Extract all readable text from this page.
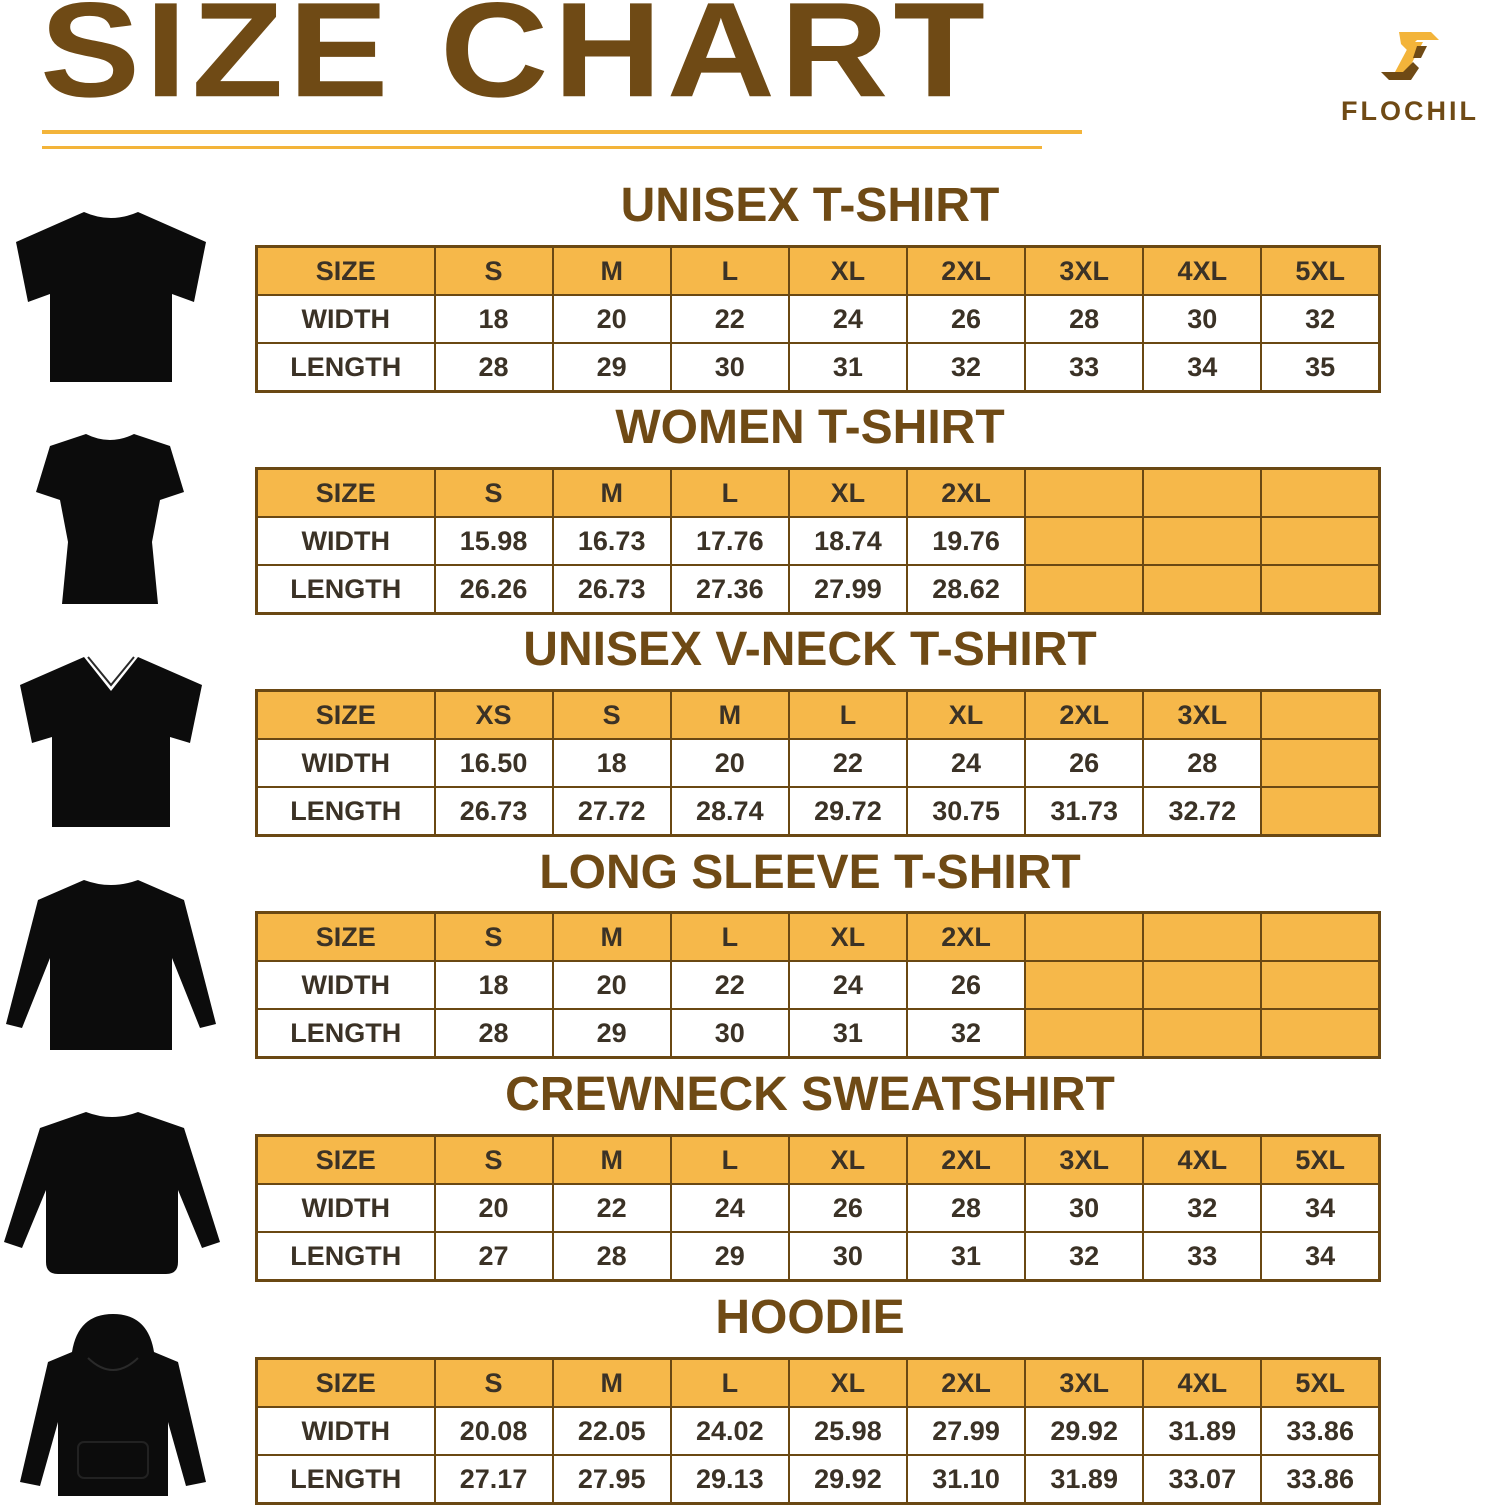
SIZE CHART	FLOCHIL
UNISEX T-SHIRT
SIZE	S	M	L	XL	2XL	3XL	4XL	5XL
WIDTH	18	20	22	24	26	28	30	32
LENGTH	28	29	30	31	32	33	34	35
WOMEN T-SHIRT
SIZE	S	M	L	XL	2XL			
WIDTH	15.98	16.73	17.76	18.74	19.76			
LENGTH	26.26	26.73	27.36	27.99	28.62			
UNISEX V-NECK T-SHIRT
SIZE	XS	S	M	L	XL	2XL	3XL	
WIDTH	16.50	18	20	22	24	26	28	
LENGTH	26.73	27.72	28.74	29.72	30.75	31.73	32.72	
LONG SLEEVE T-SHIRT
SIZE	S	M	L	XL	2XL			
WIDTH	18	20	22	24	26			
LENGTH	28	29	30	31	32			
CREWNECK SWEATSHIRT
SIZE	S	M	L	XL	2XL	3XL	4XL	5XL
WIDTH	20	22	24	26	28	30	32	34
LENGTH	27	28	29	30	31	32	33	34
HOODIE
SIZE	S	M	L	XL	2XL	3XL	4XL	5XL
WIDTH	20.08	22.05	24.02	25.98	27.99	29.92	31.89	33.86
LENGTH	27.17	27.95	29.13	29.92	31.10	31.89	33.07	33.86
